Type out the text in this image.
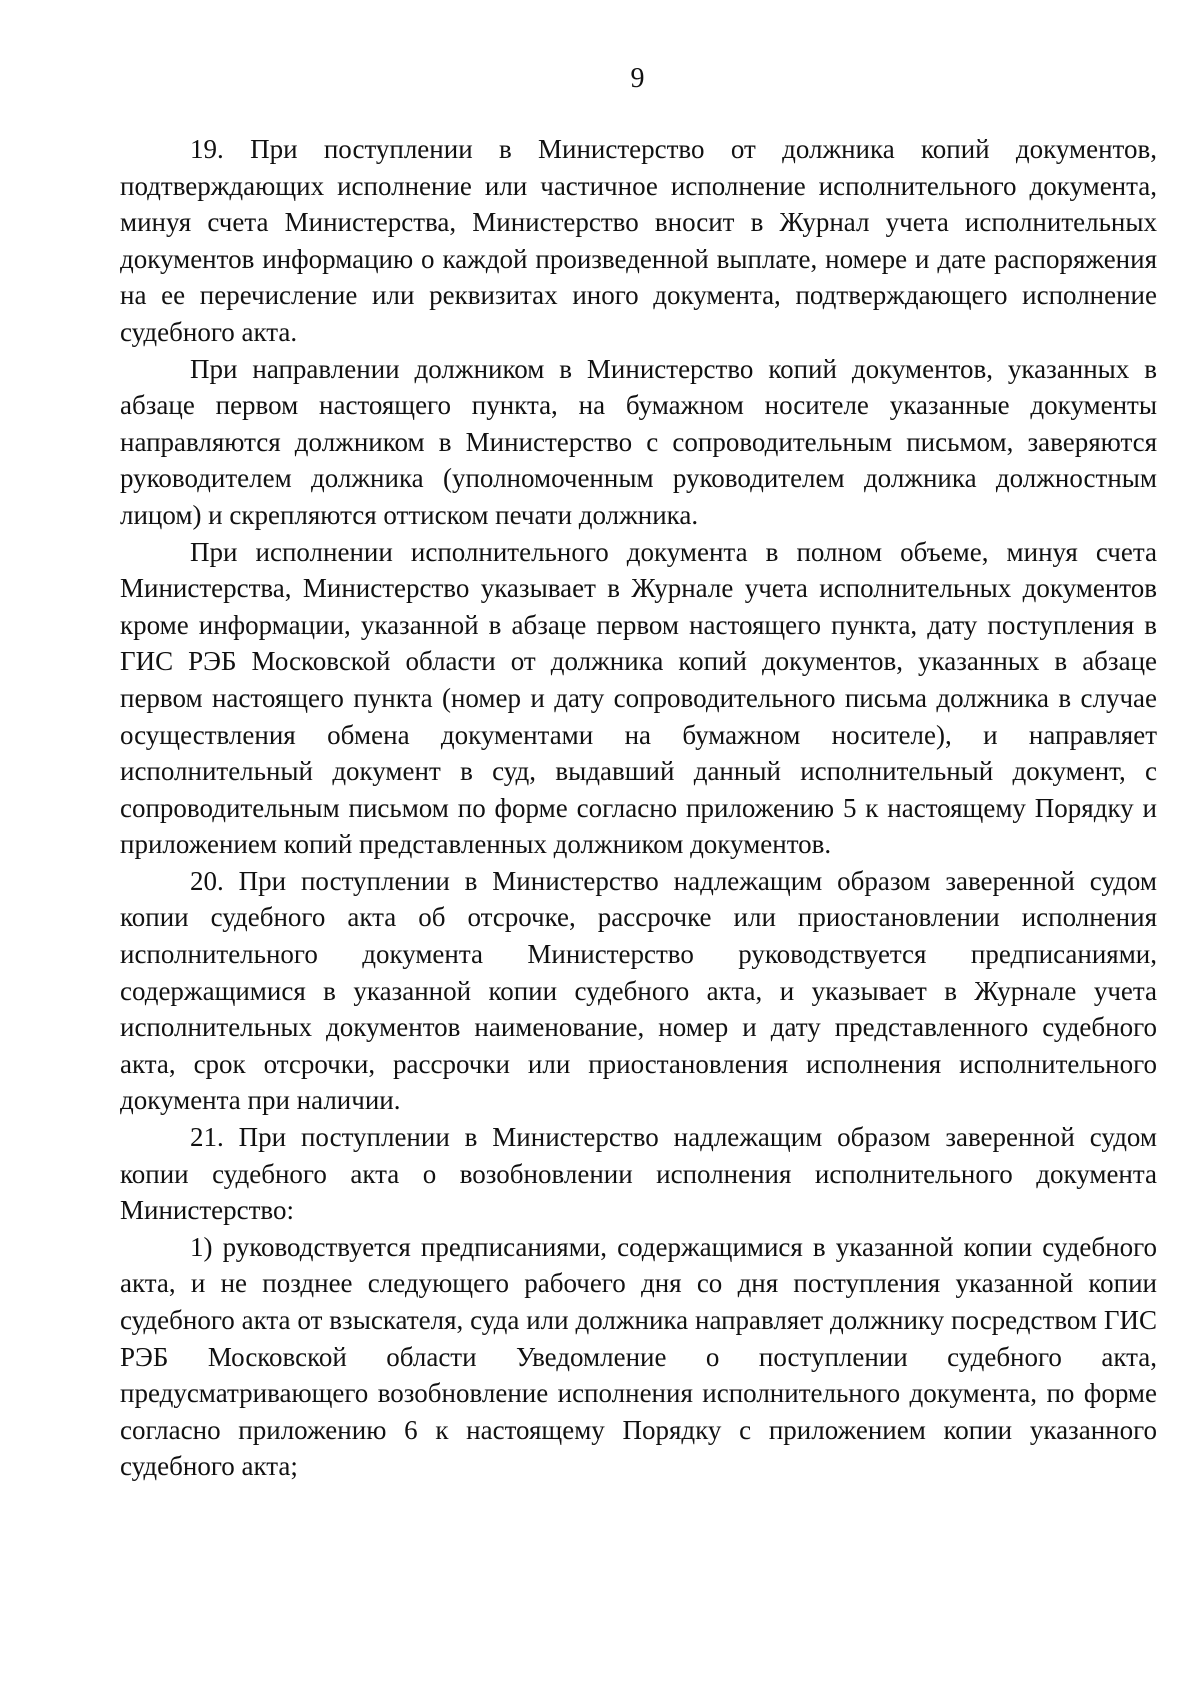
9

19. При поступлении в Министерство от должника копий документов, подтверждающих исполнение или частичное исполнение исполнительного документа, минуя счета Министерства, Министерство вносит в Журнал учета исполнительных документов информацию о каждой произведенной выплате, номере и дате распоряжения на ее перечисление или реквизитах иного документа, подтверждающего исполнение судебного акта.

При направлении должником в Министерство копий документов, указанных в абзаце первом настоящего пункта, на бумажном носителе указанные документы направляются должником в Министерство с сопроводительным письмом, заверяются руководителем должника (уполномоченным руководителем должника должностным лицом) и скрепляются оттиском печати должника.

При исполнении исполнительного документа в полном объеме, минуя счета Министерства, Министерство указывает в Журнале учета исполнительных документов кроме информации, указанной в абзаце первом настоящего пункта, дату поступления в ГИС РЭБ Московской области от должника копий документов, указанных в абзаце первом настоящего пункта (номер и дату сопроводительного письма должника в случае осуществления обмена документами на бумажном носителе), и направляет исполнительный документ в суд, выдавший данный исполнительный документ, с сопроводительным письмом по форме согласно приложению 5 к настоящему Порядку и приложением копий представленных должником документов.

20. При поступлении в Министерство надлежащим образом заверенной судом копии судебного акта об отсрочке, рассрочке или приостановлении исполнения исполнительного документа Министерство руководствуется предписаниями, содержащимися в указанной копии судебного акта, и указывает в Журнале учета исполнительных документов наименование, номер и дату представленного судебного акта, срок отсрочки, рассрочки или приостановления исполнения исполнительного документа при наличии.

21. При поступлении в Министерство надлежащим образом заверенной судом копии судебного акта о возобновлении исполнения исполнительного документа Министерство:

1) руководствуется предписаниями, содержащимися в указанной копии судебного акта, и не позднее следующего рабочего дня со дня поступления указанной копии судебного акта от взыскателя, суда или должника направляет должнику посредством ГИС РЭБ Московской области Уведомление о поступлении судебного акта, предусматривающего возобновление исполнения исполнительного документа, по форме согласно приложению 6 к настоящему Порядку с приложением копии указанного судебного акта;
